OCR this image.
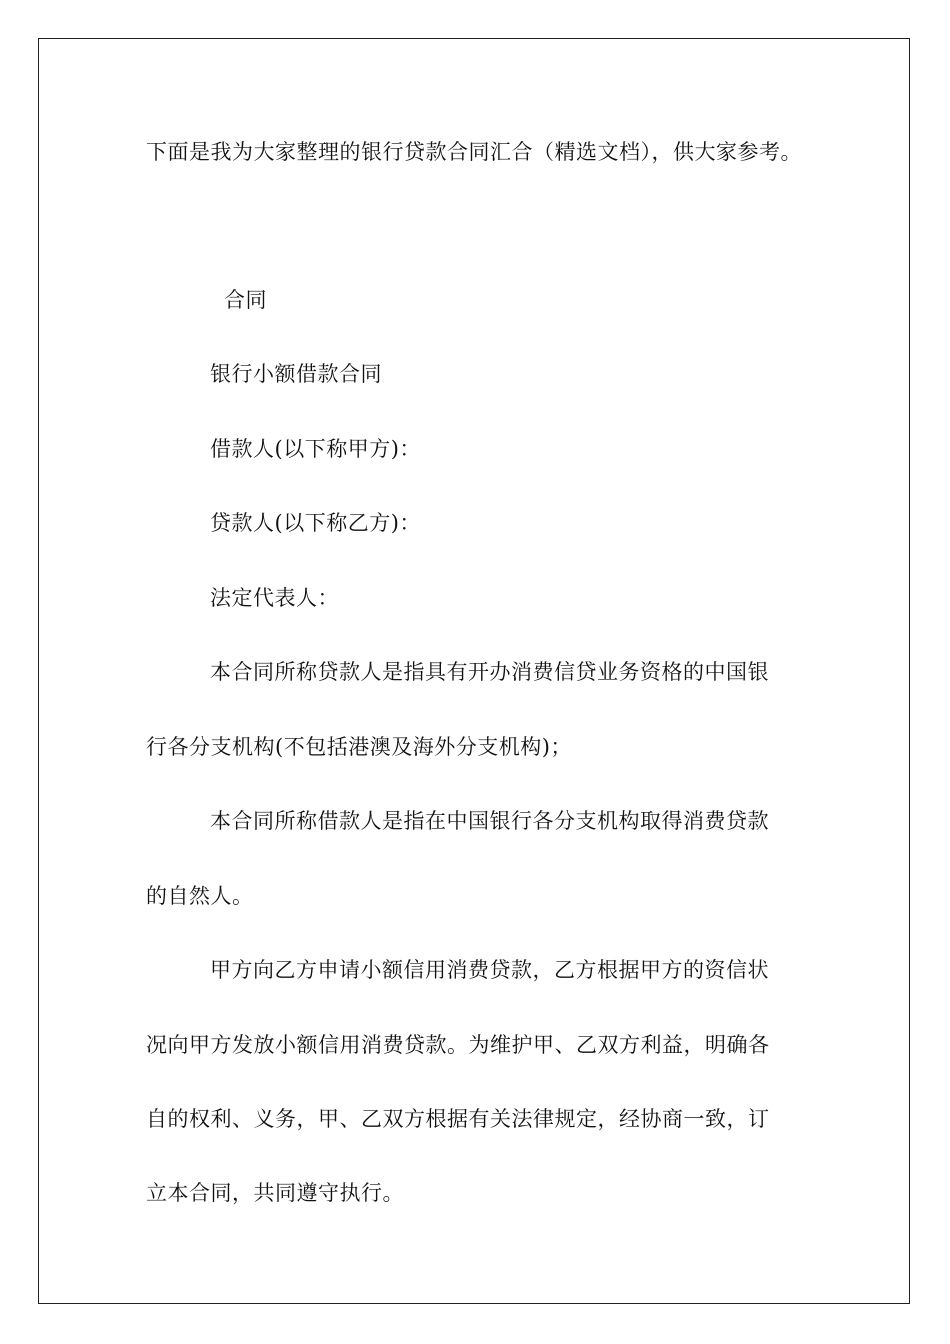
下面是我为大家整理的银行贷款合同汇合（精选文档），供大家参考。
合同
银行小额借款合同
借款人(以下称甲方)：
贷款人(以下称乙方)：
法定代表人：
本合同所称贷款人是指具有开办消费信贷业务资格的中国银
行各分支机构(不包括港澳及海外分支机构)；
本合同所称借款人是指在中国银行各分支机构取得消费贷款
的自然人。
甲方向乙方申请小额信用消费贷款，乙方根据甲方的资信状
况向甲方发放小额信用消费贷款。为维护甲、乙双方利益，明确各
自的权利、义务，甲、乙双方根据有关法律规定，经协商一致，订
立本合同，共同遵守执行。
